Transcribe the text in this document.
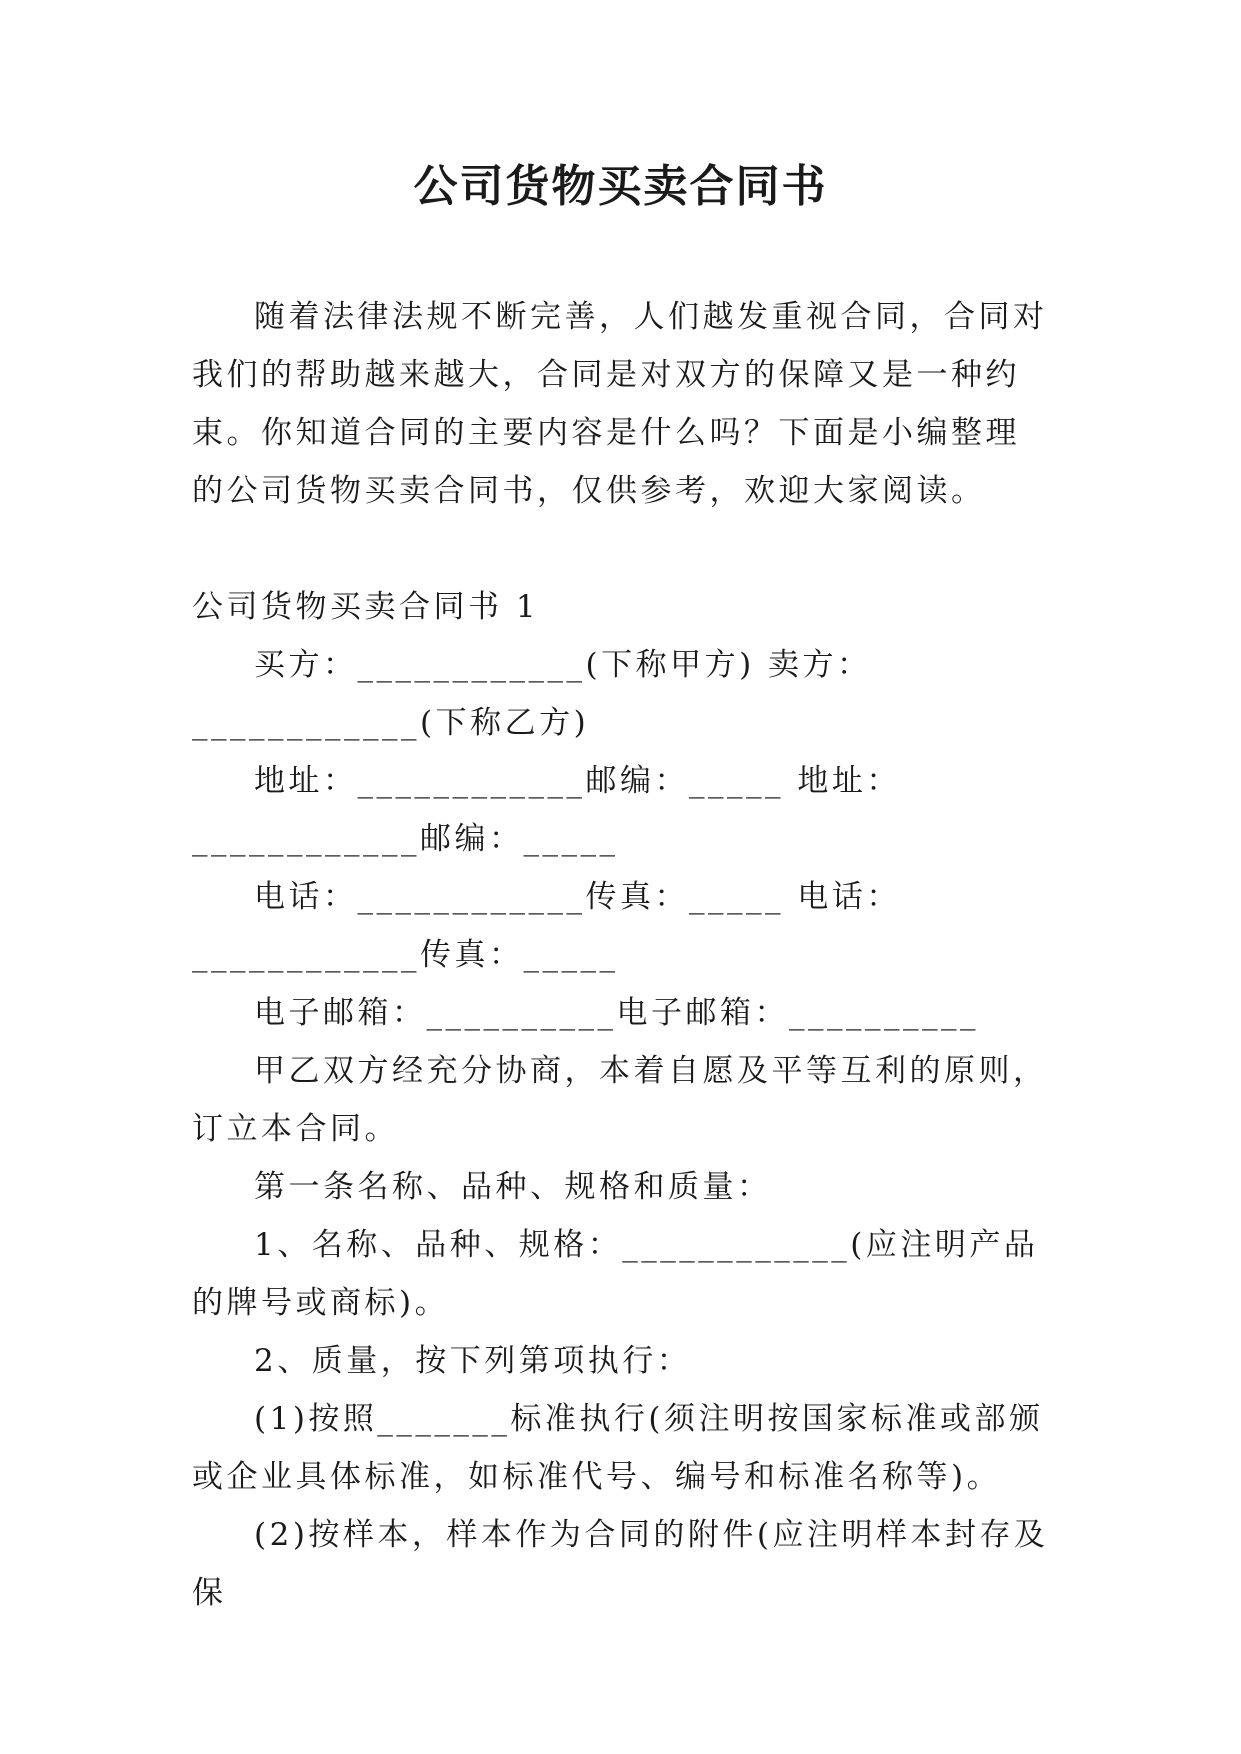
公司货物买卖合同书

随着法律法规不断完善，人们越发重视合同，合同对我们的帮助越来越大，合同是对双方的保障又是一种约束。你知道合同的主要内容是什么吗？下面是小编整理的公司货物买卖合同书，仅供参考，欢迎大家阅读。

公司货物买卖合同书 1

买方：____________(下称甲方) 卖方：____________(下称乙方)

地址：____________邮编：_____ 地址：____________邮编：_____

电话：____________传真：_____ 电话：____________传真：_____

电子邮箱：__________电子邮箱：__________

甲乙双方经充分协商，本着自愿及平等互利的原则，订立本合同。

第一条名称、品种、规格和质量：

1、名称、品种、规格：____________(应注明产品的牌号或商标)。

2、质量，按下列第项执行：

(1)按照_______标准执行(须注明按国家标准或部颁或企业具体标准，如标准代号、编号和标准名称等)。

(2)按样本，样本作为合同的附件(应注明样本封存及保
